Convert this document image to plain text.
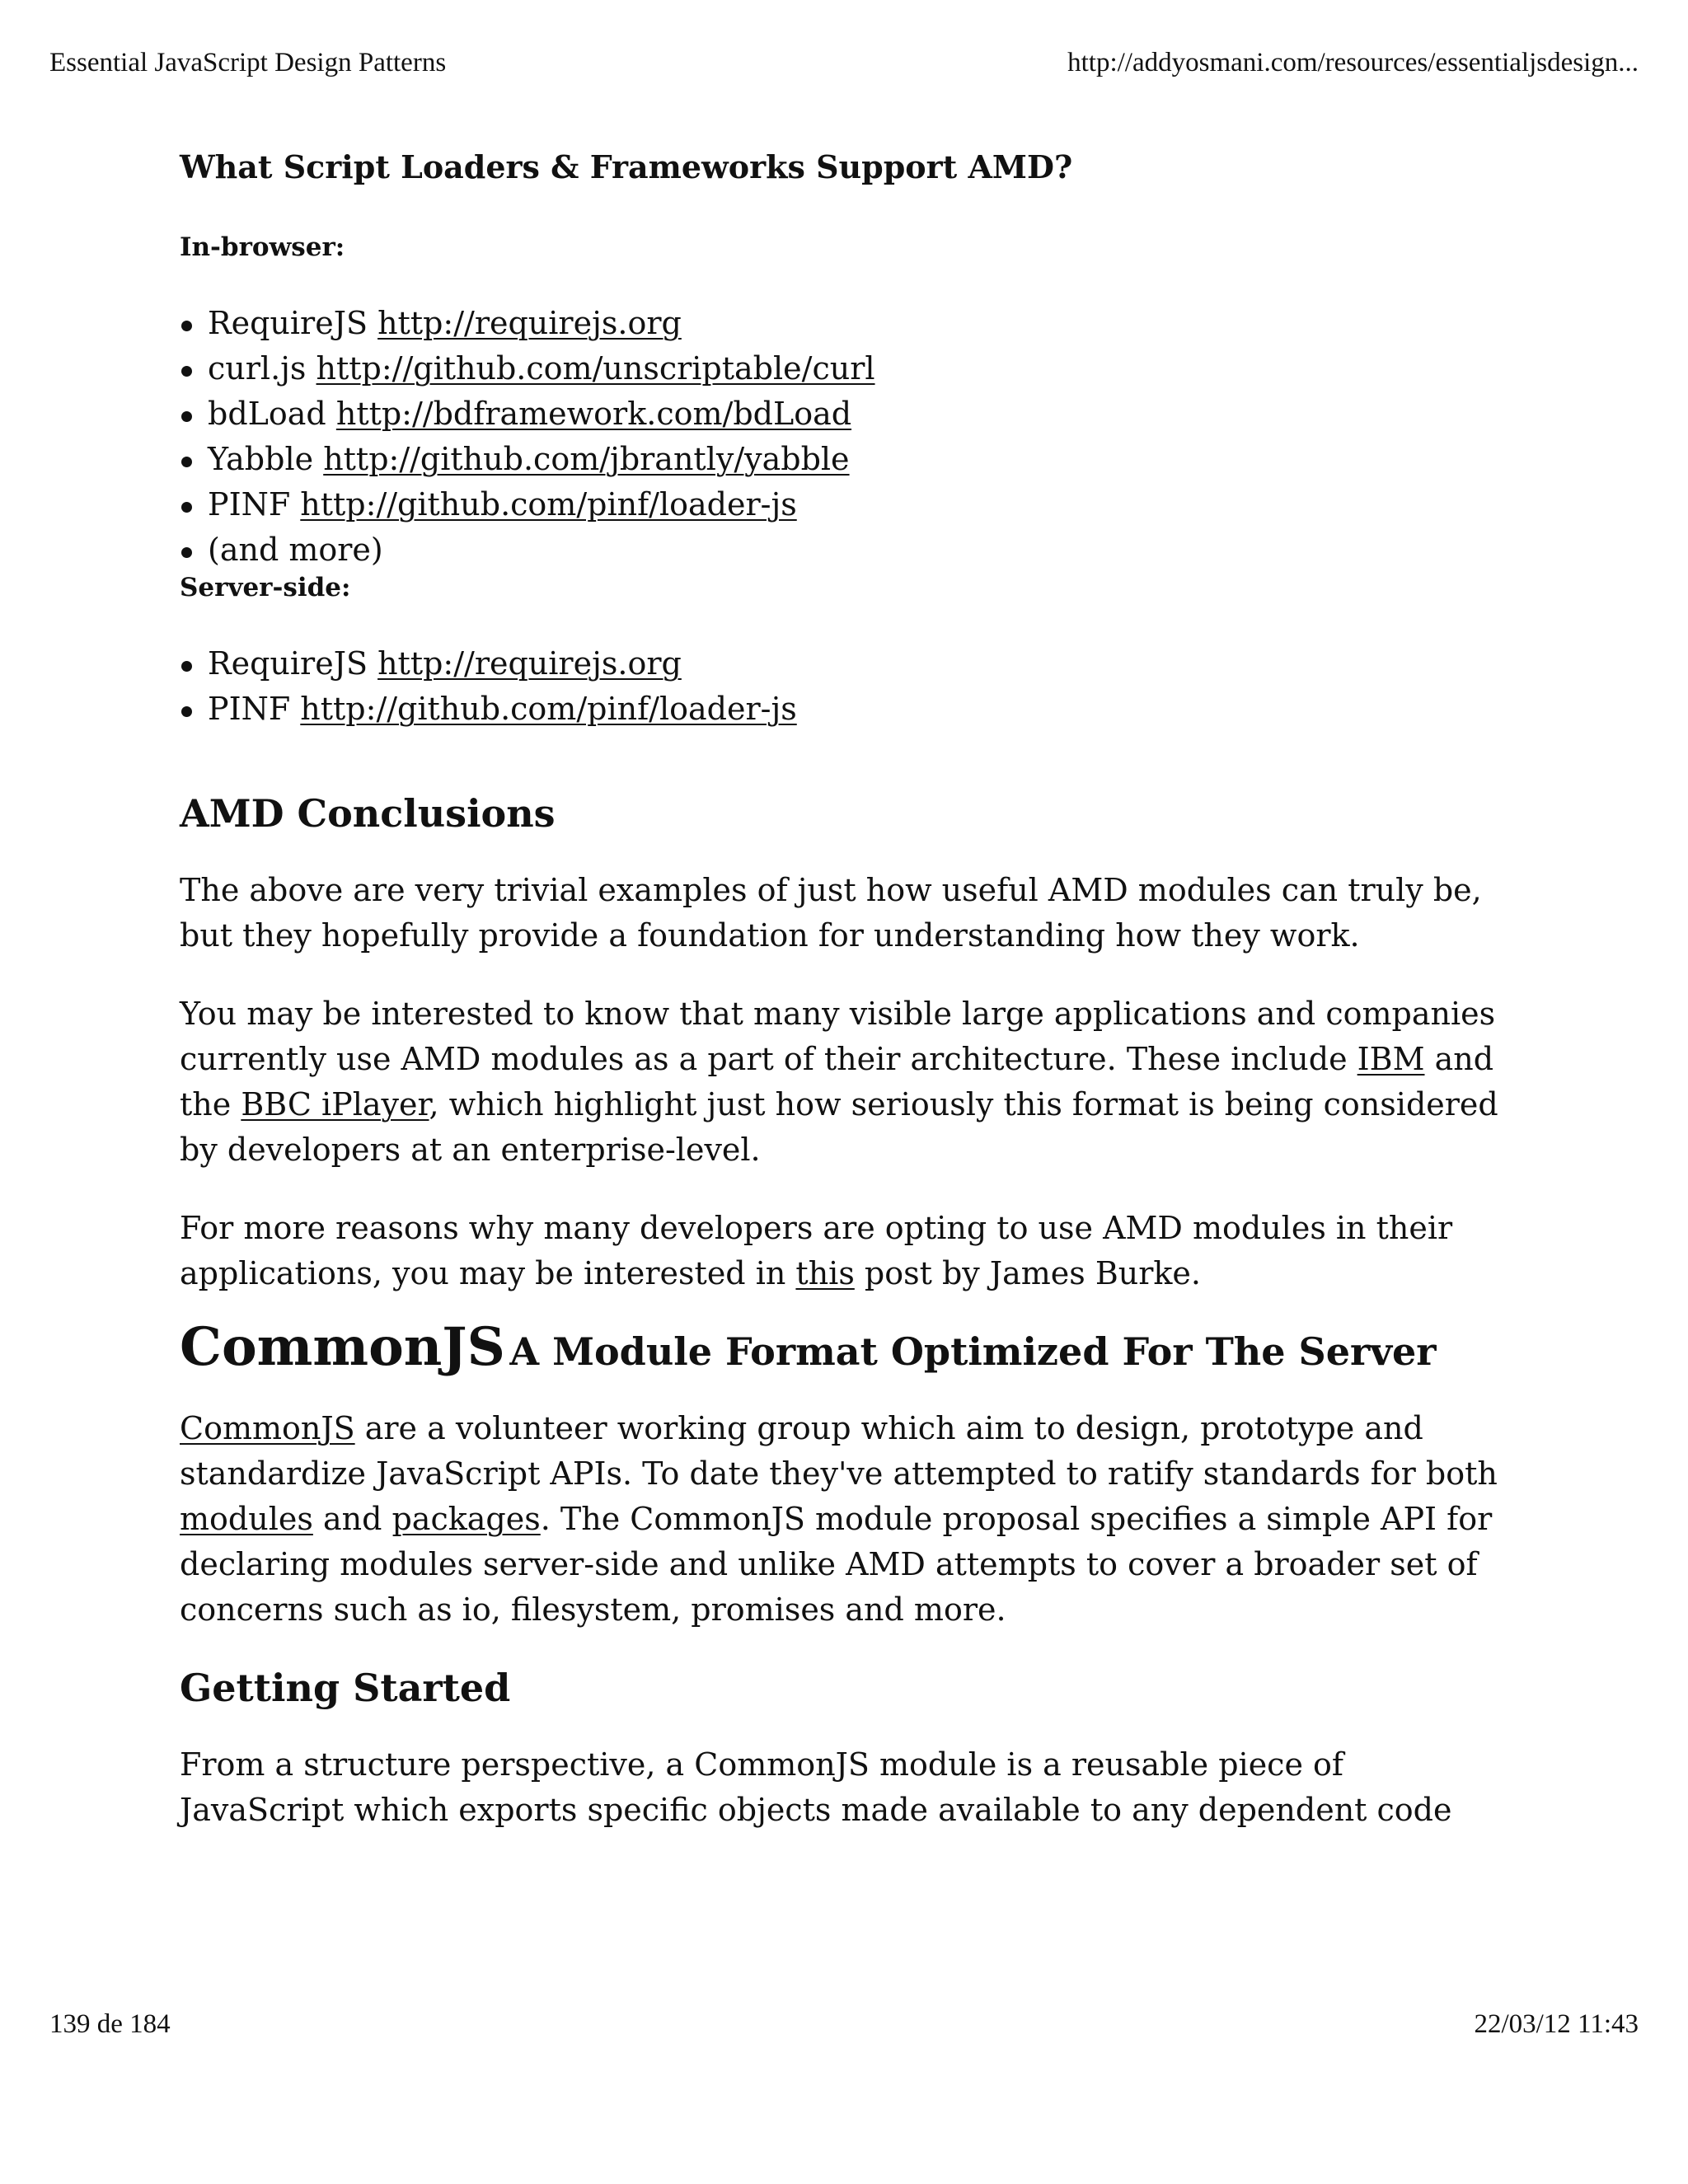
Essential JavaScript Design Patterns	http://addyosmani.com/resources/essentialjsdesign...
What Script Loaders & Frameworks Support AMD?
In-browser:
RequireJS http://requirejs.org
curl.js http://github.com/unscriptable/curl
bdLoad http://bdframework.com/bdLoad
Yabble http://github.com/jbrantly/yabble
PINF http://github.com/pinf/loader-js
(and more)
Server-side:
RequireJS http://requirejs.org
PINF http://github.com/pinf/loader-js
AMD Conclusions

The above are very trivial examples of just how useful AMD modules can truly be, but they hopefully provide a foundation for understanding how they work.

You may be interested to know that many visible large applications and companies currently use AMD modules as a part of their architecture. These include IBM and the BBC iPlayer, which highlight just how seriously this format is being considered by developers at an enterprise-level.

For more reasons why many developers are opting to use AMD modules in their applications, you may be interested in this post by James Burke.

CommonJS A Module Format Optimized For The Server

CommonJS are a volunteer working group which aim to design, prototype and standardize JavaScript APIs. To date they've attempted to ratify standards for both modules and packages. The CommonJS module proposal specifies a simple API for declaring modules server-side and unlike AMD attempts to cover a broader set of concerns such as io, filesystem, promises and more.

Getting Started

From a structure perspective, a CommonJS module is a reusable piece of JavaScript which exports specific objects made available to any dependent code

139 de 184	22/03/12 11:43
